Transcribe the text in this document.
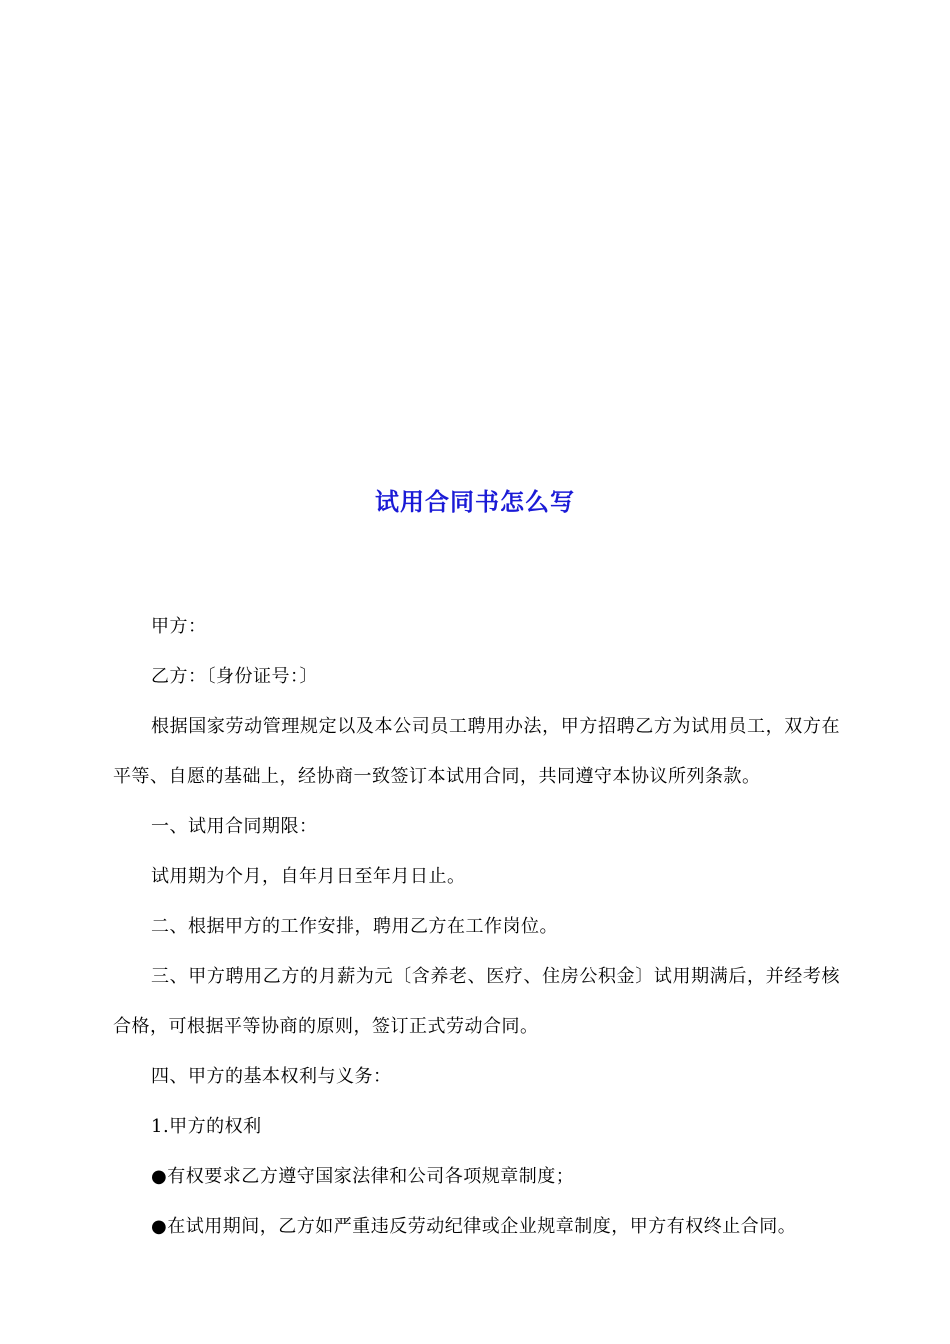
试用合同书怎么写

甲方：

乙方：〔身份证号：〕

根据国家劳动管理规定以及本公司员工聘用办法，甲方招聘乙方为试用员工，双方在平等、自愿的基础上，经协商一致签订本试用合同，共同遵守本协议所列条款。

一、试用合同期限：

试用期为个月，自年月日至年月日止。

二、根据甲方的工作安排，聘用乙方在工作岗位。

三、甲方聘用乙方的月薪为元〔含养老、医疗、住房公积金〕试用期满后，并经考核合格，可根据平等协商的原则，签订正式劳动合同。

四、甲方的基本权利与义务：

1.甲方的权利

●有权要求乙方遵守国家法律和公司各项规章制度；

●在试用期间，乙方如严重违反劳动纪律或企业规章制度，甲方有权终止合同。
